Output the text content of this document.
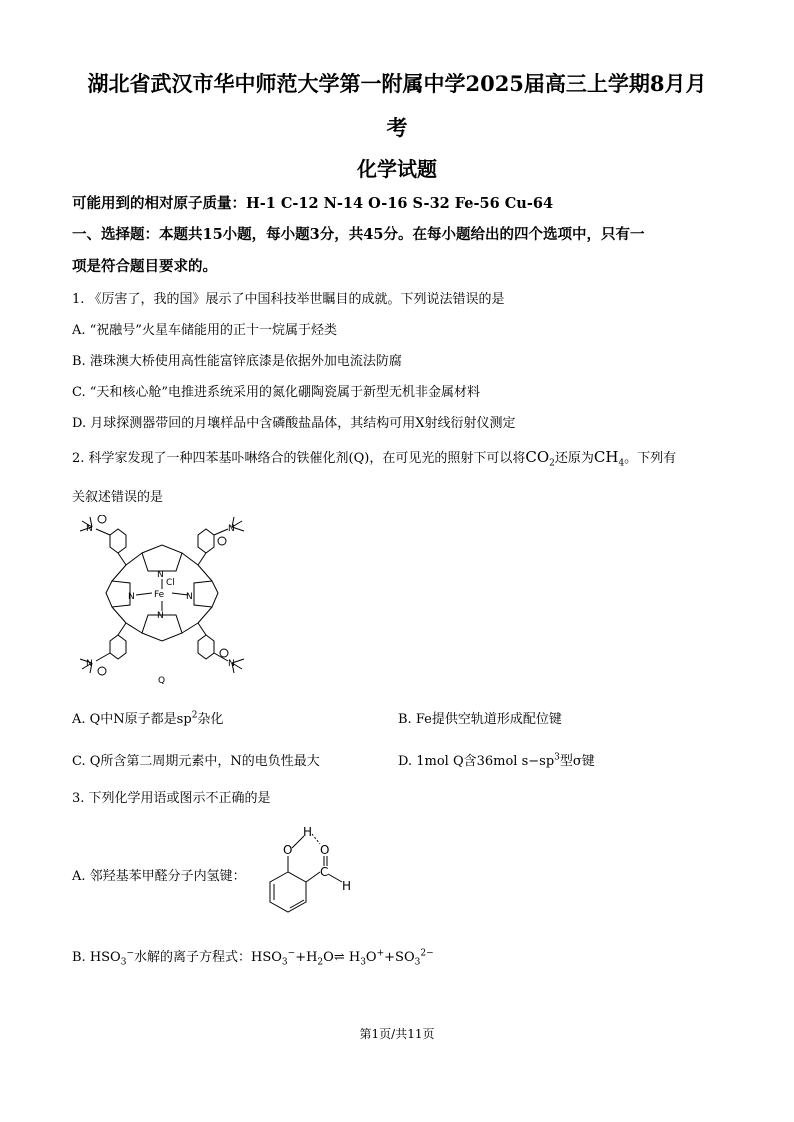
湖北省武汉市华中师范大学第一附属中学2025届高三上学期8月月
考
化学试题
可能用到的相对原子质量：H-1 C-12 N-14 O-16 S-32 Fe-56 Cu-64
一、选择题：本题共15小题，每小题3分，共45分。在每小题给出的四个选项中，只有一
项是符合题目要求的。
1. 《厉害了，我的国》展示了中国科技举世瞩目的成就。下列说法错误的是
A. “祝融号”火星车储能用的正十一烷属于烃类
B. 港珠澳大桥使用高性能富锌底漆是依据外加电流法防腐
C. “天和核心舱”电推进系统采用的氮化硼陶瓷属于新型无机非金属材料
D. 月球探测器带回的月壤样品中含磷酸盐晶体，其结构可用X射线衍射仪测定
2. 科学家发现了一种四苯基卟啉络合的铁催化剂(Q)，在可见光的照射下可以将$CO_2$还原为$CH_4$。下列有
关叙述错误的是
N
N
N	N
Fe
Cl
N	N
N	N
Q
A. Q中N原子都是$sp^2$杂化	B. Fe提供空轨道形成配位键
C. Q所含第二周期元素中，N的电负性最大	D. 1mol Q含36mol $s-sp^3$型σ键
3. 下列化学用语或图示不正确的是
A. 邻羟基苯甲醛分子内氢键：
O
H
O
C
H
B. $HSO_3^-$水解的离子方程式：$HSO_3^-+H_2O\rightleftharpoons$ $H_3O^++SO_3^{2-}$
第1页/共11页
